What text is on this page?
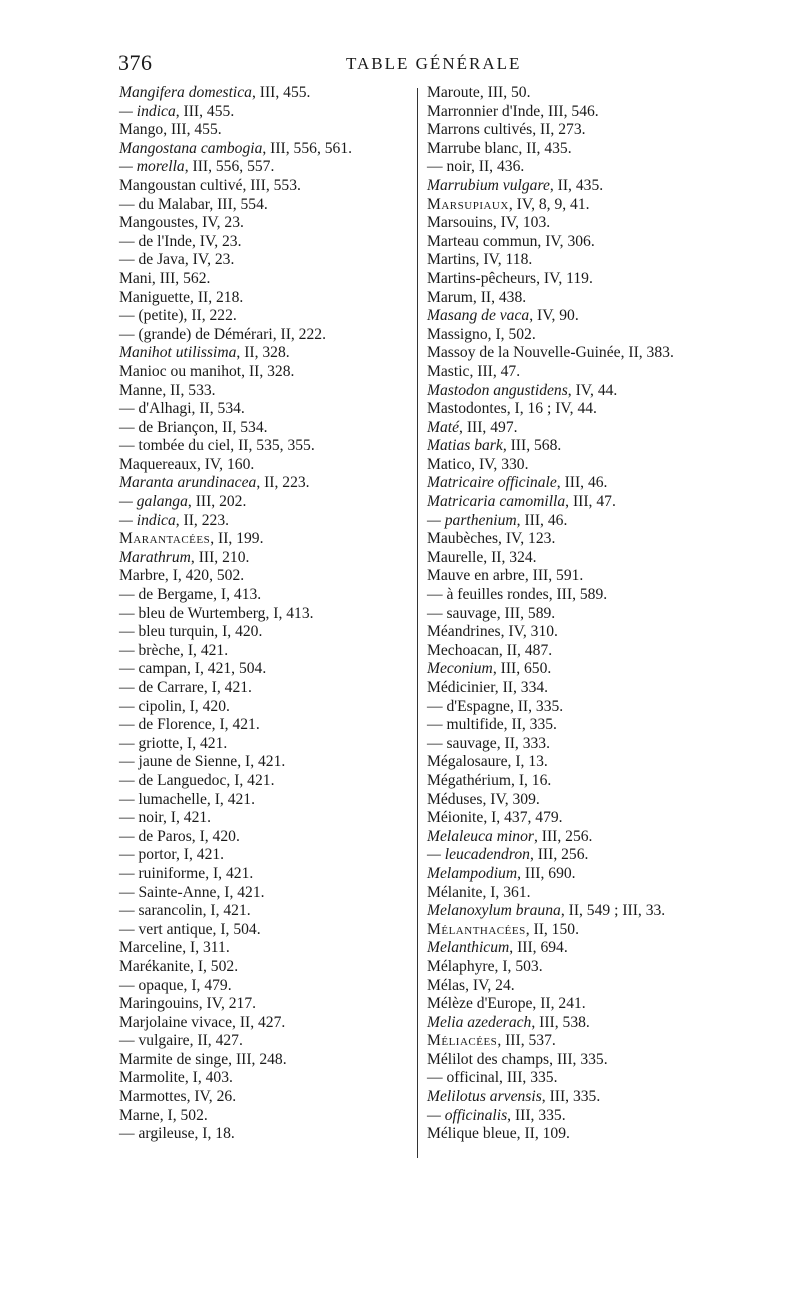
376	TABLE GÉNÉRALE
Mangifera domestica, III, 455.
— indica, III, 455.
Mango, III, 455.
Mangostana cambogia, III, 556, 561.
— morella, III, 556, 557.
Mangoustan cultivé, III, 553.
— du Malabar, III, 554.
Mangoustes, IV, 23.
— de l'Inde, IV, 23.
— de Java, IV, 23.
Mani, III, 562.
Maniguette, II, 218.
— (petite), II, 222.
— (grande) de Démérari, II, 222.
Manihot utilissima, II, 328.
Manioc ou manihot, II, 328.
Manne, II, 533.
— d'Alhagi, II, 534.
— de Briançon, II, 534.
— tombée du ciel, II, 535, 355.
Maquereaux, IV, 160.
Maranta arundinacea, II, 223.
— galanga, III, 202.
— indica, II, 223.
Marantacées, II, 199.
Marathrum, III, 210.
Marbre, I, 420, 502.
— de Bergame, I, 413.
— bleu de Wurtemberg, I, 413.
— bleu turquin, I, 420.
— brèche, I, 421.
— campan, I, 421, 504.
— de Carrare, I, 421.
— cipolin, I, 420.
— de Florence, I, 421.
— griotte, I, 421.
— jaune de Sienne, I, 421.
— de Languedoc, I, 421.
— lumachelle, I, 421.
— noir, I, 421.
— de Paros, I, 420.
— portor, I, 421.
— ruiniforme, I, 421.
— Sainte-Anne, I, 421.
— sarancolin, I, 421.
— vert antique, I, 504.
Marceline, I, 311.
Marékanite, I, 502.
— opaque, I, 479.
Maringouins, IV, 217.
Marjolaine vivace, II, 427.
— vulgaire, II, 427.
Marmite de singe, III, 248.
Marmolite, I, 403.
Marmottes, IV, 26.
Marne, I, 502.
— argileuse, I, 18.
Maroute, III, 50.
Marronnier d'Inde, III, 546.
Marrons cultivés, II, 273.
Marrube blanc, II, 435.
— noir, II, 436.
Marrubium vulgare, II, 435.
Marsupiaux, IV, 8, 9, 41.
Marsouins, IV, 103.
Marteau commun, IV, 306.
Martins, IV, 118.
Martins-pêcheurs, IV, 119.
Marum, II, 438.
Masang de vaca, IV, 90.
Massigno, I, 502.
Massoy de la Nouvelle-Guinée, II, 383.
Mastic, III, 47.
Mastodon angustidens, IV, 44.
Mastodontes, I, 16 ; IV, 44.
Maté, III, 497.
Matias bark, III, 568.
Matico, IV, 330.
Matricaire officinale, III, 46.
Matricaria camomilla, III, 47.
— parthenium, III, 46.
Maubèches, IV, 123.
Maurelle, II, 324.
Mauve en arbre, III, 591.
— à feuilles rondes, III, 589.
— sauvage, III, 589.
Méandrines, IV, 310.
Mechoacan, II, 487.
Meconium, III, 650.
Médicinier, II, 334.
— d'Espagne, II, 335.
— multifide, II, 335.
— sauvage, II, 333.
Mégalosaure, I, 13.
Mégathérium, I, 16.
Méduses, IV, 309.
Méionite, I, 437, 479.
Melaleuca minor, III, 256.
— leucadendron, III, 256.
Melampodium, III, 690.
Mélanite, I, 361.
Melanoxylum brauna, II, 549 ; III, 33.
Mélanthacées, II, 150.
Melanthicum, III, 694.
Mélaphyre, I, 503.
Mélas, IV, 24.
Mélèze d'Europe, II, 241.
Melia azederach, III, 538.
Méliacées, III, 537.
Mélilot des champs, III, 335.
— officinal, III, 335.
Melilotus arvensis, III, 335.
— officinalis, III, 335.
Mélique bleue, II, 109.
